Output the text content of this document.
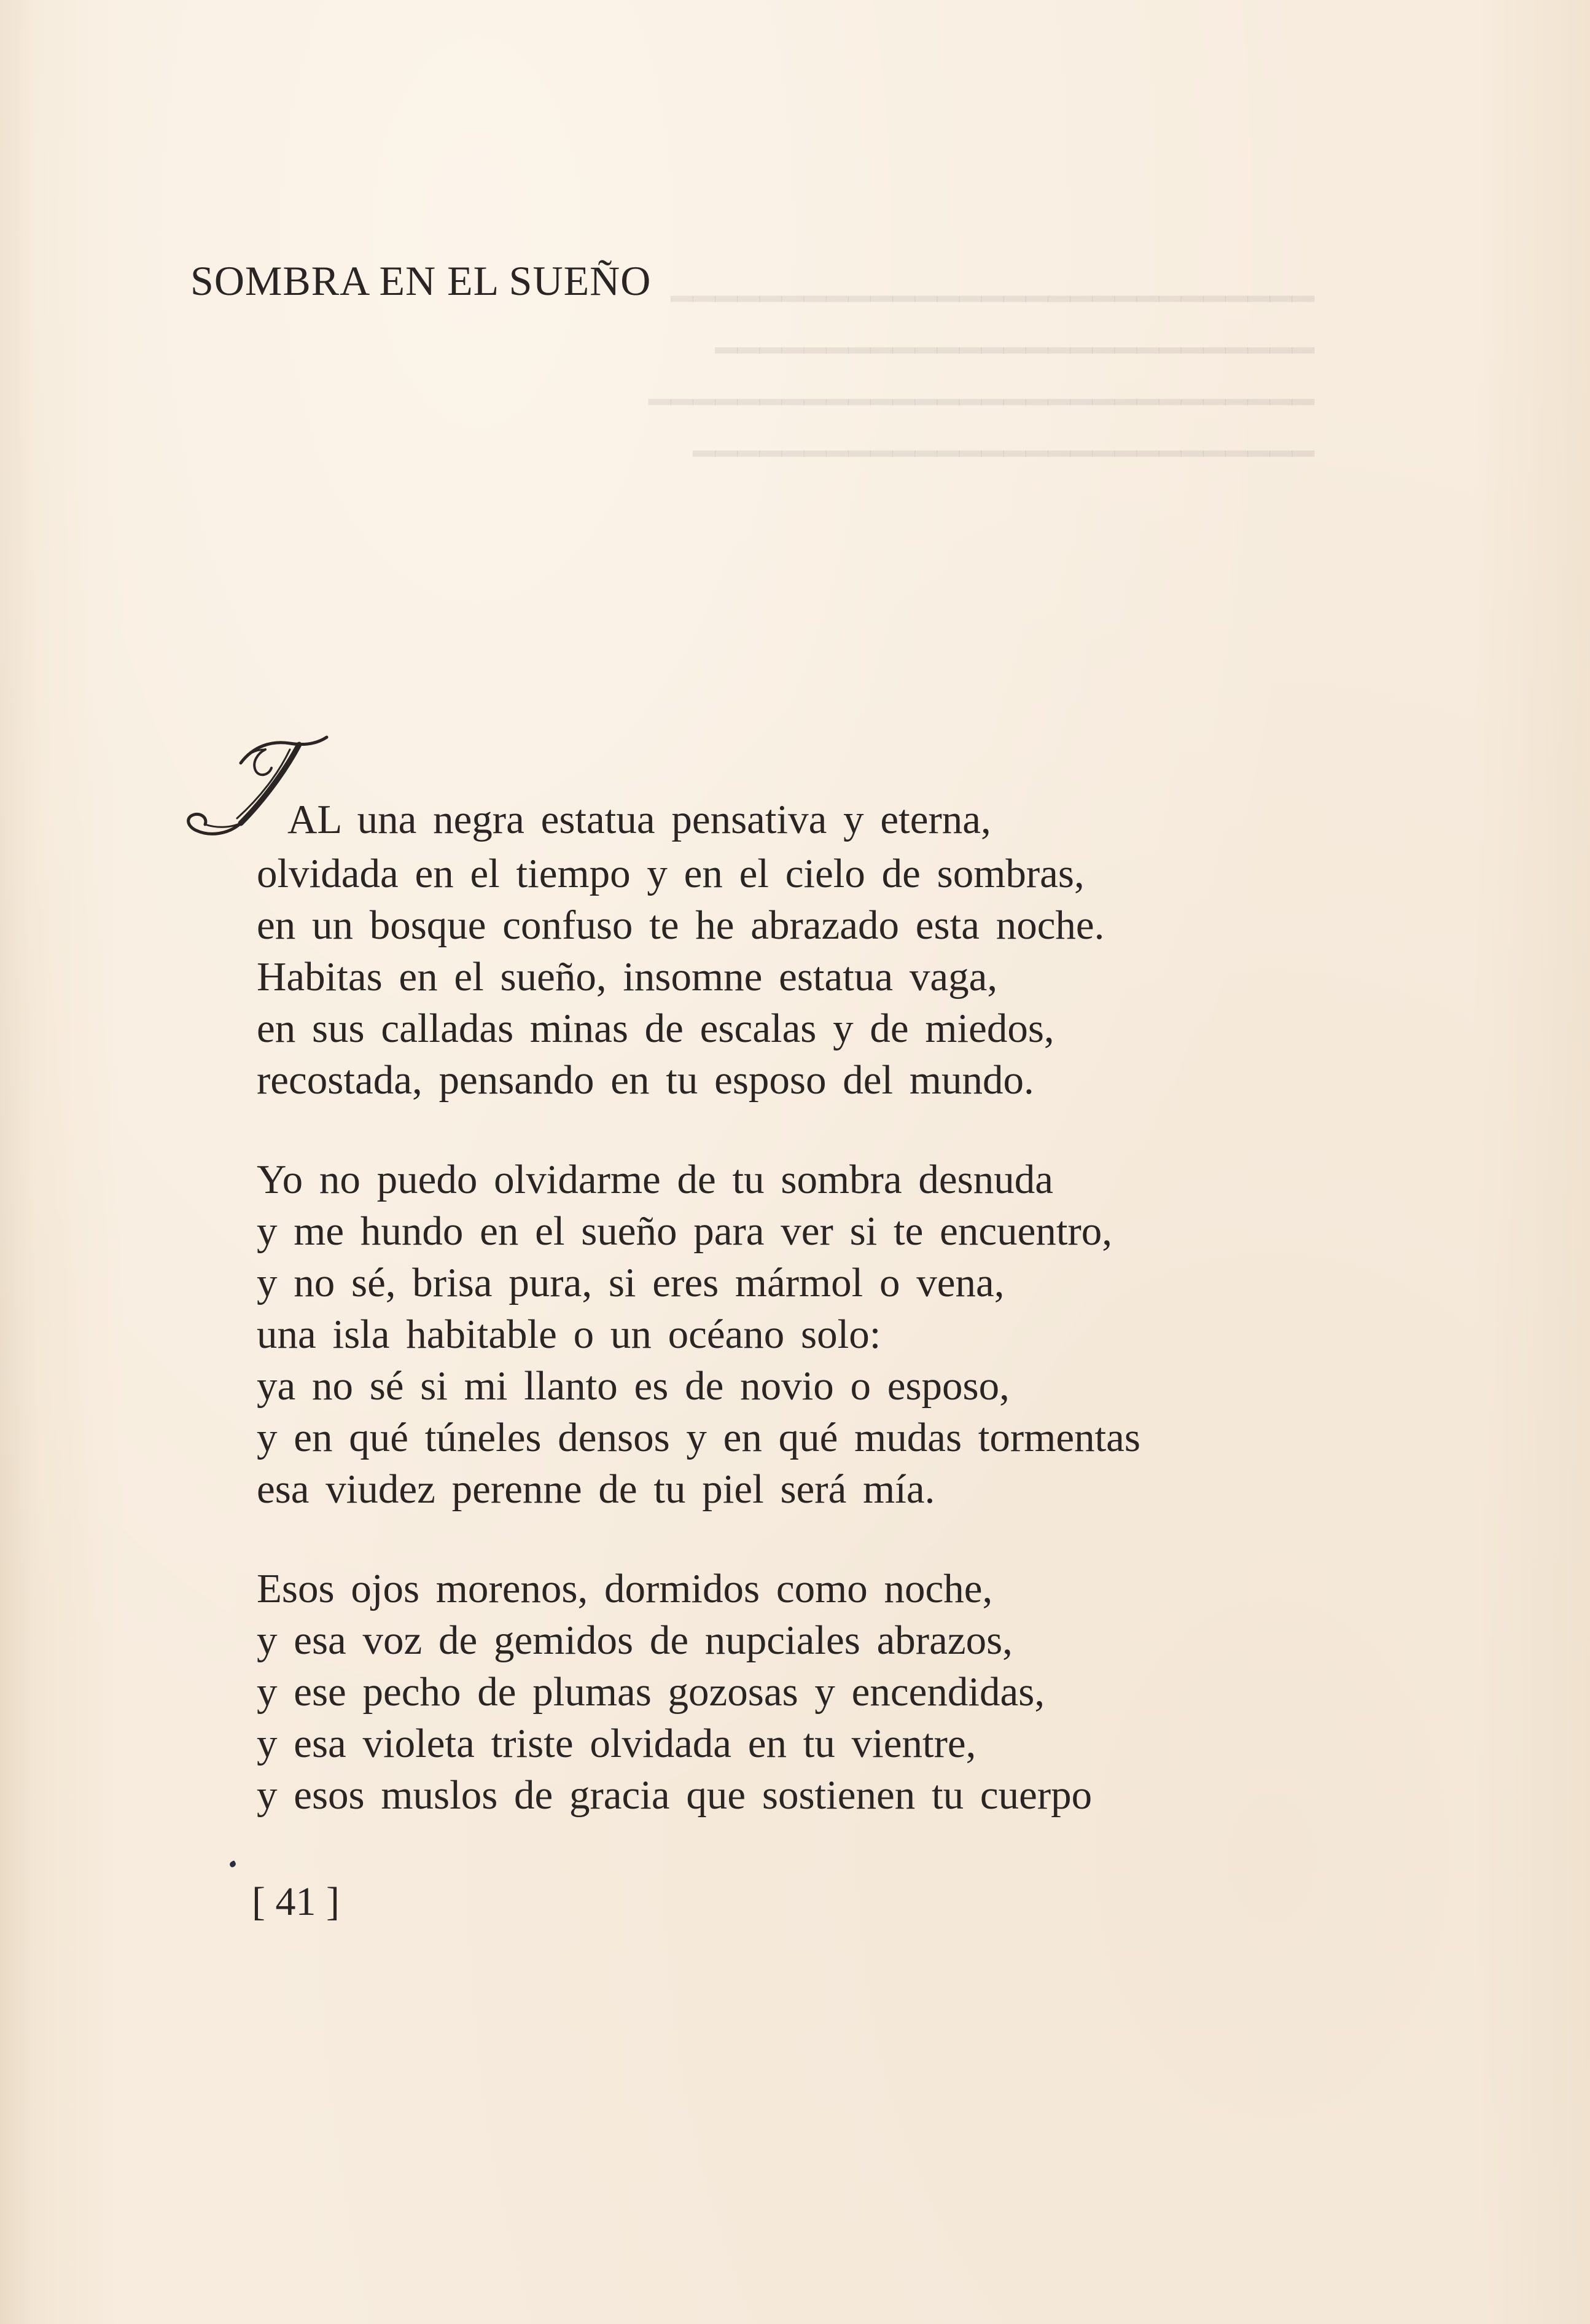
━━━━━━━━━━━━━━━━━━━━━━━━━━━━━
━━━━━━━━━━━━━━━━━━━━━━━━━━━
━━━━━━━━━━━━━━━━━━━━━━━━━━━━━━
━━━━━━━━━━━━━━━━━━━━━━━━━━━━
SOMBRA EN EL SUEÑO
AL una negra estatua pensativa y eterna,
olvidada en el tiempo y en el cielo de sombras,
en un bosque confuso te he abrazado esta noche.
Habitas en el sueño, insomne estatua vaga,
en sus calladas minas de escalas y de miedos,
recostada, pensando en tu esposo del mundo.
Yo no puedo olvidarme de tu sombra desnuda
y me hundo en el sueño para ver si te encuentro,
y no sé, brisa pura, si eres mármol o vena,
una isla habitable o un océano solo:
ya no sé si mi llanto es de novio o esposo,
y en qué túneles densos y en qué mudas tormentas
esa viudez perenne de tu piel será mía.
Esos ojos morenos, dormidos como noche,
y esa voz de gemidos de nupciales abrazos,
y ese pecho de plumas gozosas y encendidas,
y esa violeta triste olvidada en tu vientre,
y esos muslos de gracia que sostienen tu cuerpo
[ 41 ]
